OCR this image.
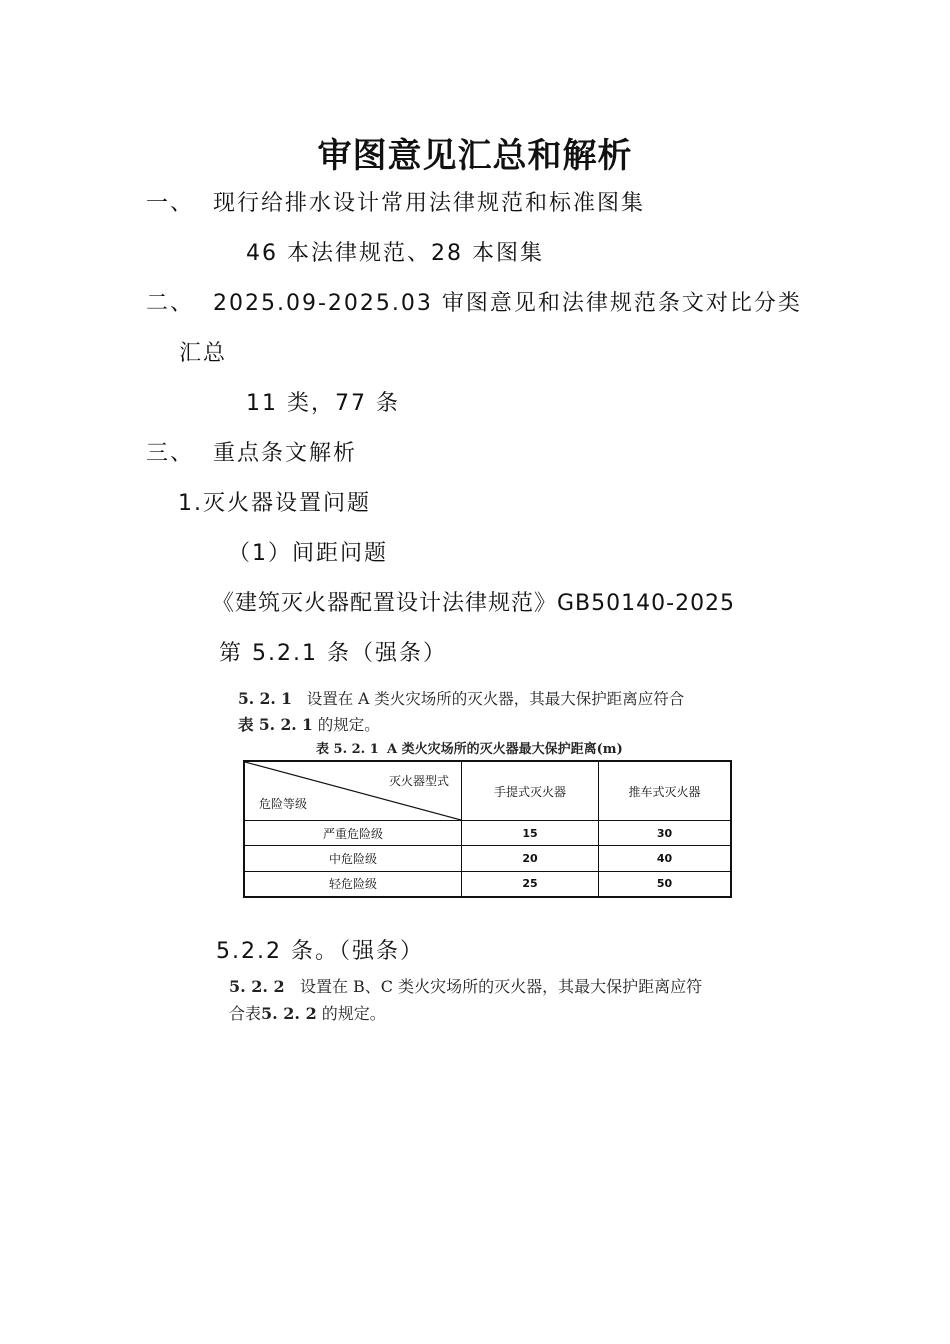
审图意见汇总和解析
一、 现行给排水设计常用法律规范和标准图集
46 本法律规范、28 本图集
二、 2025.09-2025.03 审图意见和法律规范条文对比分类
汇总
11 类，77 条
三、 重点条文解析
1.灭火器设置问题
（1）间距问题
《建筑灭火器配置设计法律规范》GB50140-2025
第 5.2.1 条（强条）
5. 2. 1 设置在 A 类火灾场所的灭火器，其最大保护距离应符合
表 5. 2. 1 的规定。
表 5. 2. 1 A 类火灾场所的灭火器最大保护距离(m)
灭火器型式
危险等级	手提式灭火器	推车式灭火器
严重危险级	15	30
中危险级	20	40
轻危险级	25	50
5.2.2 条。（强条）
5. 2. 2 设置在 B、C 类火灾场所的灭火器，其最大保护距离应符
合表5. 2. 2 的规定。
